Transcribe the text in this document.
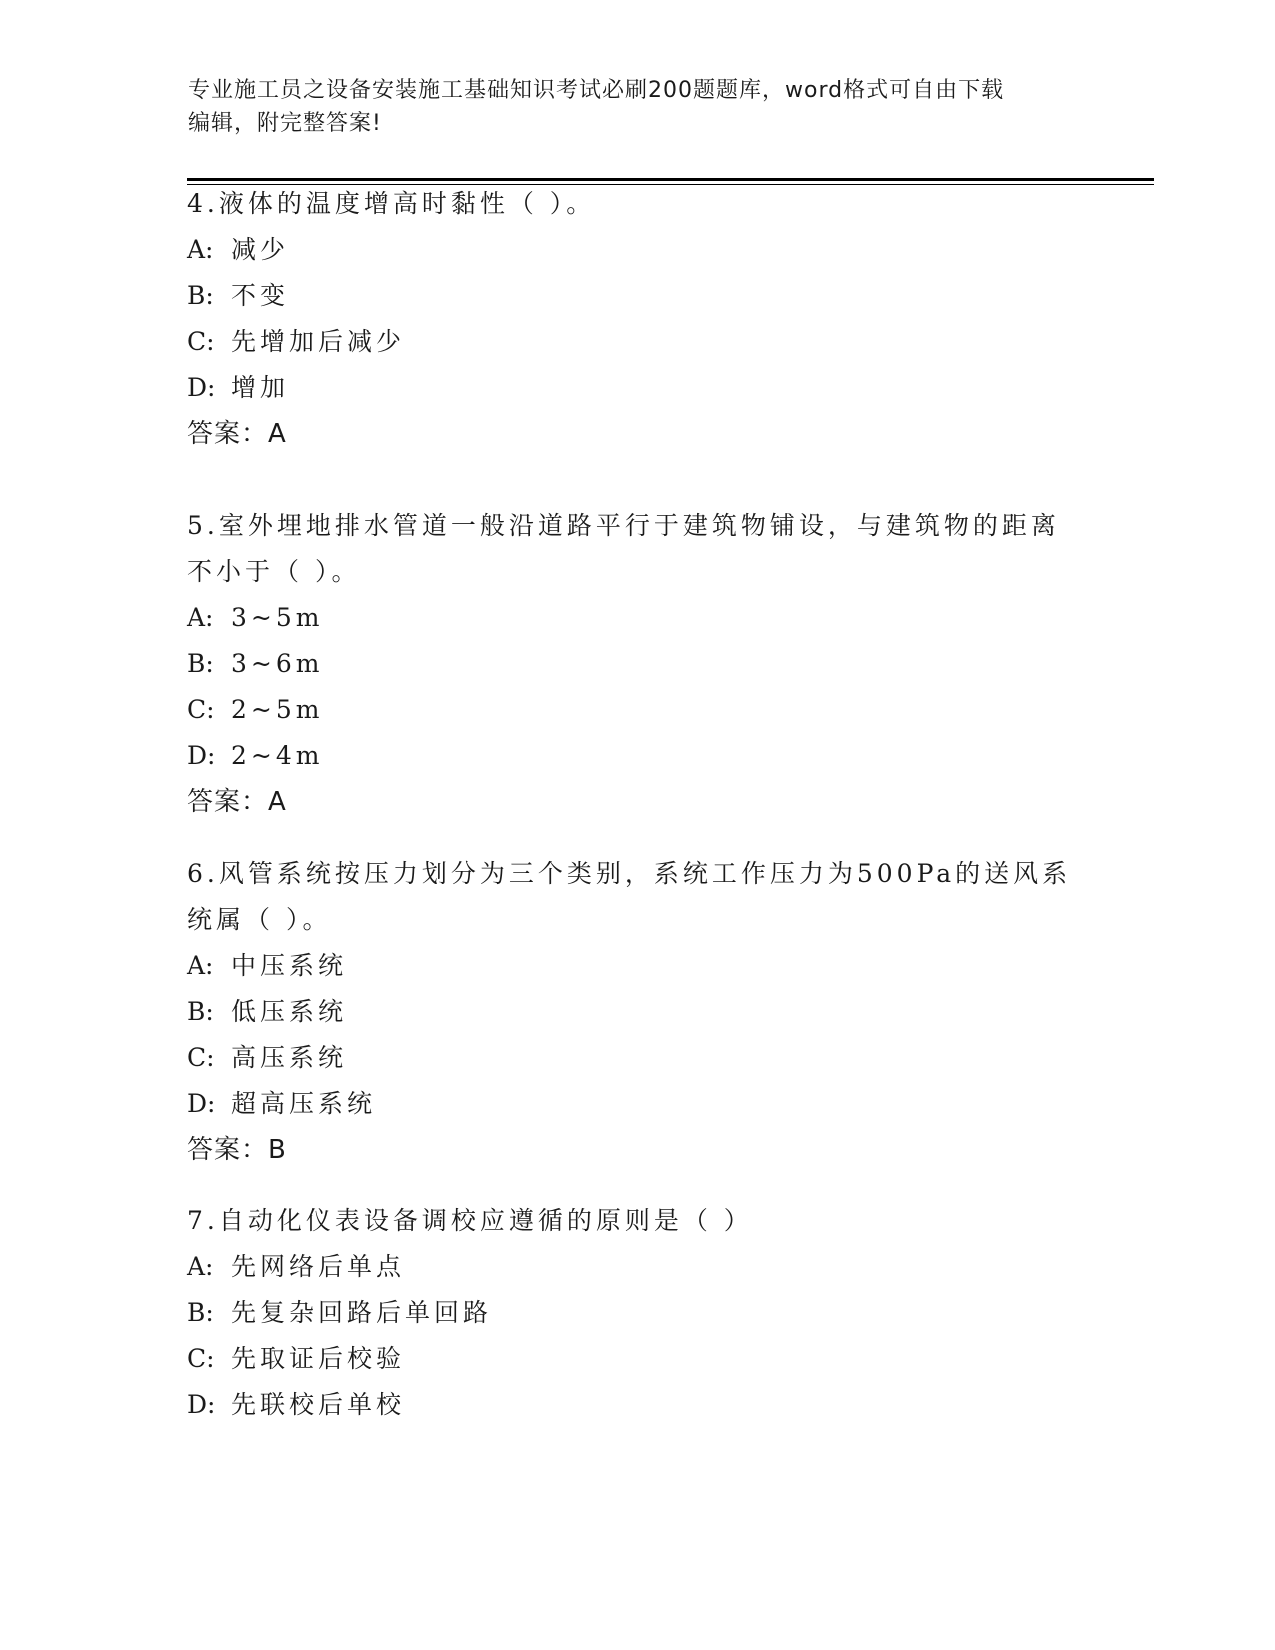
专业施工员之设备安装施工基础知识考试必刷200题题库，word格式可自由下载
编辑，附完整答案!

4.液体的温度增高时黏性（ ）。

A: 减少

B: 不变

C: 先增加后减少

D: 增加

答案：A

5.室外埋地排水管道一般沿道路平行于建筑物铺设，与建筑物的距离

不小于（ ）。

A: 3~5m

B: 3~6m

C: 2~5m

D: 2~4m

答案：A

6.风管系统按压力划分为三个类别，系统工作压力为500Pa的送风系

统属（ ）。

A: 中压系统

B: 低压系统

C: 高压系统

D: 超高压系统

答案：B

7.自动化仪表设备调校应遵循的原则是（ ）

A: 先网络后单点

B: 先复杂回路后单回路

C: 先取证后校验

D: 先联校后单校
